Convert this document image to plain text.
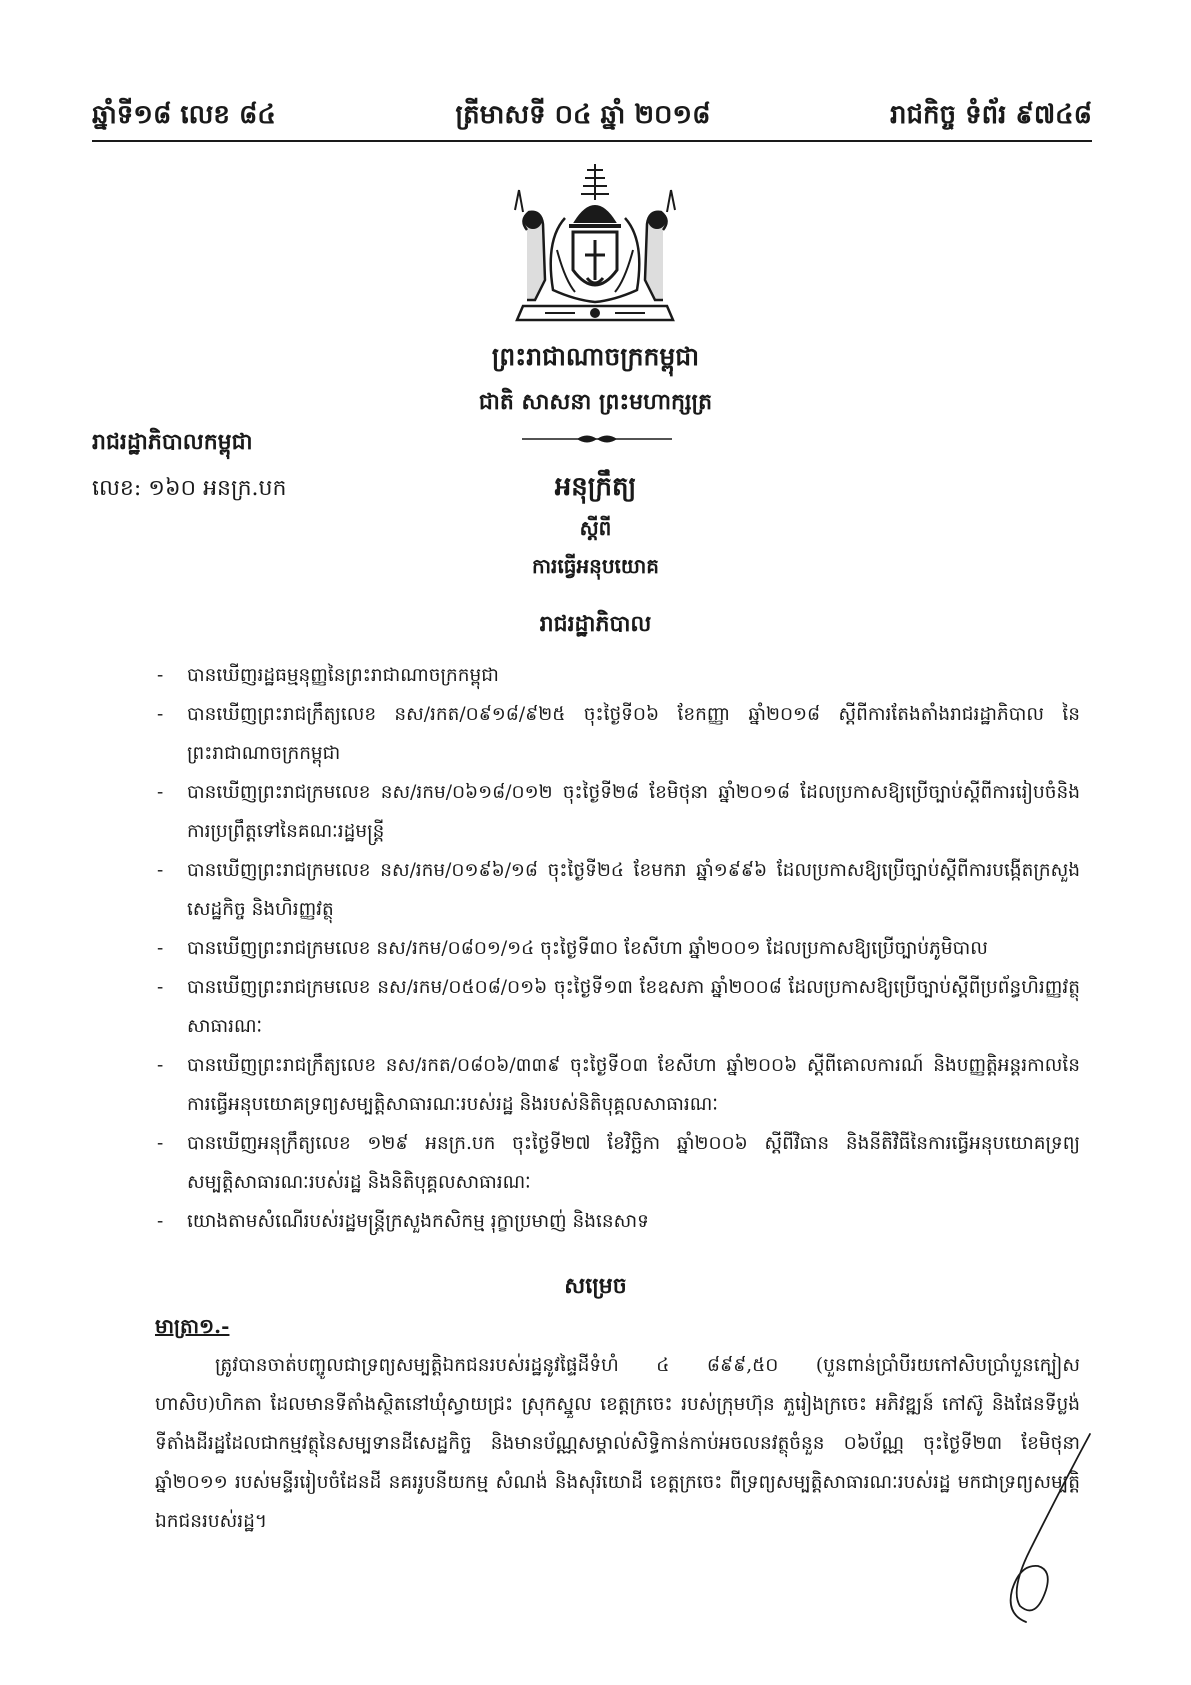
ឆ្នាំទី១៨ លេខ ៨៤	ត្រីមាសទី ០៤ ឆ្នាំ ២០១៨	រាជកិច្ច ទំព័រ ៩៧៤៨
ព្រះរាជាណាចក្រកម្ពុជា
ជាតិ សាសនា ព្រះមហាក្សត្រ
រាជរដ្ឋាភិបាលកម្ពុជា
លេខ: ១៦០ អនក្រ.បក	អនុក្រឹត្យ
ស្ដីពី
ការធ្វើអនុបយោគ
រាជរដ្ឋាភិបាល
- បានឃើញរដ្ឋធម្មនុញ្ញនៃព្រះរាជាណាចក្រកម្ពុជា
- បានឃើញព្រះរាជក្រឹត្យលេខ នស/រកត/០៩១៨/៩២៥ ចុះថ្ងៃទី០៦ ខែកញ្ញា ឆ្នាំ២០១៨ ស្ដីពីការតែងតាំងរាជរដ្ឋាភិបាល នៃព្រះរាជាណាចក្រកម្ពុជា
- បានឃើញព្រះរាជក្រមលេខ នស/រកម/០៦១៨/០១២ ចុះថ្ងៃទី២៨ ខែមិថុនា ឆ្នាំ២០១៨ ដែលប្រកាសឱ្យប្រើច្បាប់ស្ដីពីការរៀបចំនិងការប្រព្រឹត្តទៅនៃគណៈរដ្ឋមន្ត្រី
- បានឃើញព្រះរាជក្រមលេខ នស/រកម/០១៩៦/១៨ ចុះថ្ងៃទី២៤ ខែមករា ឆ្នាំ១៩៩៦ ដែលប្រកាសឱ្យប្រើច្បាប់ស្ដីពីការបង្កើតក្រសួងសេដ្ឋកិច្ច និងហិរញ្ញវត្ថុ
- បានឃើញព្រះរាជក្រមលេខ នស/រកម/០៨០១/១៤ ចុះថ្ងៃទី៣០ ខែសីហា ឆ្នាំ២០០១ ដែលប្រកាសឱ្យប្រើច្បាប់ភូមិបាល
- បានឃើញព្រះរាជក្រមលេខ នស/រកម/០៥០៨/០១៦ ចុះថ្ងៃទី១៣ ខែឧសភា ឆ្នាំ២០០៨ ដែលប្រកាសឱ្យប្រើច្បាប់ស្ដីពីប្រព័ន្ធហិរញ្ញវត្ថុសាធារណៈ
- បានឃើញព្រះរាជក្រឹត្យលេខ នស/រកត/០៨០៦/៣៣៩ ចុះថ្ងៃទី០៣ ខែសីហា ឆ្នាំ២០០៦ ស្ដីពីគោលការណ៍ និងបញ្ញត្តិអន្តរកាលនៃការធ្វើអនុបយោគទ្រព្យសម្បត្តិសាធារណៈរបស់រដ្ឋ និងរបស់និតិបុគ្គលសាធារណៈ
- បានឃើញអនុក្រឹត្យលេខ ១២៩ អនក្រ.បក ចុះថ្ងៃទី២៧ ខែវិច្ឆិកា ឆ្នាំ២០០៦ ស្ដីពីវិធាន និងនីតិវិធីនៃការធ្វើអនុបយោគទ្រព្យសម្បត្តិសាធារណៈរបស់រដ្ឋ និងនិតិបុគ្គលសាធារណៈ
- យោងតាមសំណើរបស់រដ្ឋមន្ត្រីក្រសួងកសិកម្ម រុក្ខាប្រមាញ់ និងនេសាទ
សម្រេច
មាត្រា១.-

ត្រូវបានចាត់បញ្ចូលជាទ្រព្យសម្បត្តិឯកជនរបស់រដ្ឋនូវផ្ទៃដីទំហំ ៤ ៨៩៩,៥០ (បួនពាន់ប្រាំបីរយកៅសិបប្រាំបួនក្បៀសហាសិប)ហិកតា ដែលមានទីតាំងស្ថិតនៅឃុំស្វាយជ្រះ ស្រុកស្នួល ខេត្តក្រចេះ របស់ក្រុមហ៊ុន ភួរៀងក្រចេះ អភិវឌ្ឍន៍ កៅស៊ូ និងផែនទីប្លង់ទីតាំងដីរដ្ឋដែលជាកម្មវត្ថុនៃសម្បទានដីសេដ្ឋកិច្ច និងមានប័ណ្ណសម្គាល់សិទ្ធិកាន់កាប់អចលនវត្ថុចំនួន ០៦ប័ណ្ណ ចុះថ្ងៃទី២៣ ខែមិថុនា ឆ្នាំ២០១១ របស់មន្ទីររៀបចំដែនដី នគររូបនីយកម្ម សំណង់ និងសុរិយោដី ខេត្តក្រចេះ ពីទ្រព្យសម្បត្តិសាធារណៈរបស់រដ្ឋ មកជាទ្រព្យសម្បត្តិឯកជនរបស់រដ្ឋ។
